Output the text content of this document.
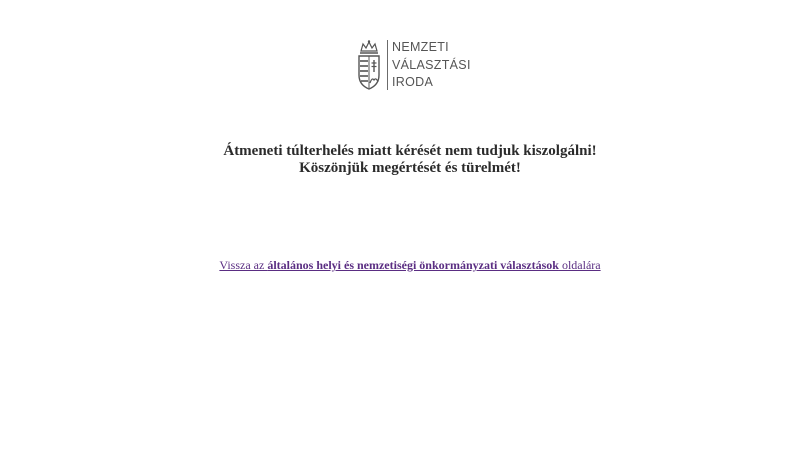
NEMZETI
VÁLASZTÁSI
IRODA
Átmeneti túlterhelés miatt kérését nem tudjuk kiszolgálni!
Köszönjük megértését és türelmét!
Vissza az általános helyi és nemzetiségi önkormányzati választások oldalára
